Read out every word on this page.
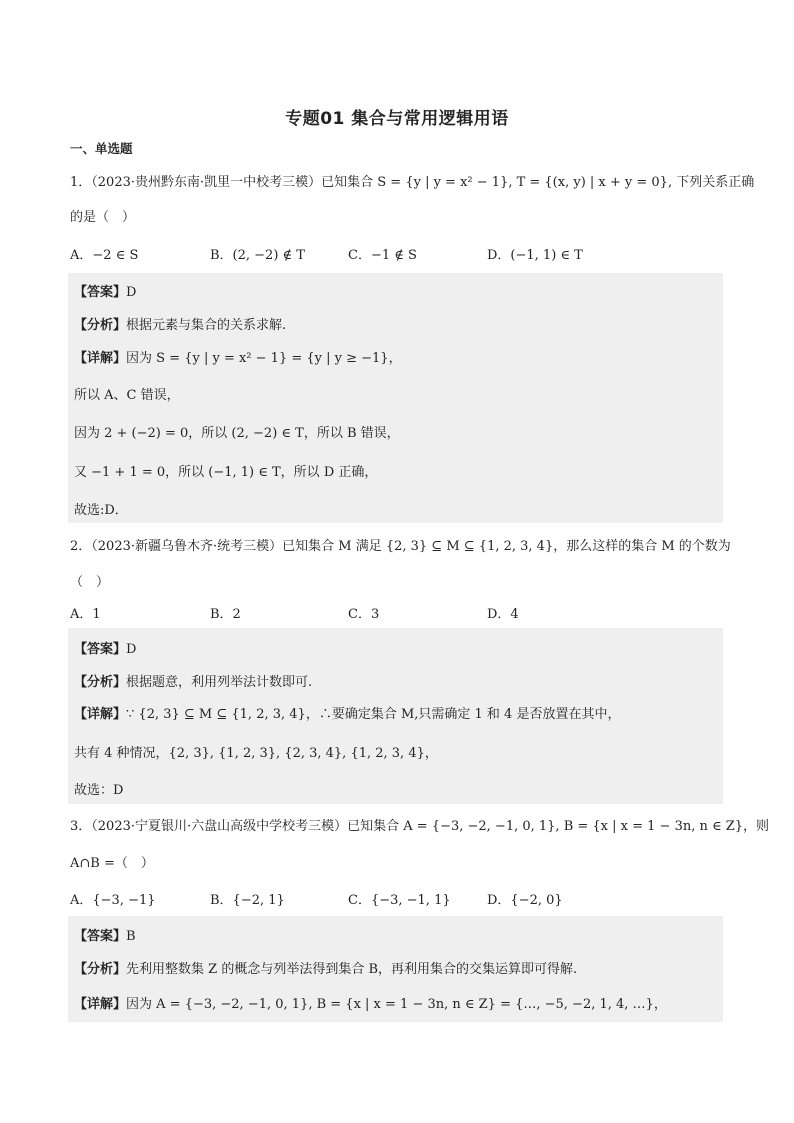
专题01 集合与常用逻辑用语
一、单选题
1．（2023·贵州黔东南·凯里一中校考三模）已知集合 S = {y | y = x² − 1}, T = {(x, y) | x + y = 0}, 下列关系正确
的是（　）
A．−2 ∈ S	B．(2, −2) ∉ T	C．−1 ∉ S	D．(−1, 1) ∈ T
【答案】D
【分析】根据元素与集合的关系求解.
【详解】因为 S = {y | y = x² − 1} = {y | y ≥ −1}，
所以 A、C 错误，
因为 2 + (−2) = 0，所以 (2, −2) ∈ T，所以 B 错误，
又 −1 + 1 = 0，所以 (−1, 1) ∈ T，所以 D 正确，
故选:D．
2．（2023·新疆乌鲁木齐·统考三模）已知集合 M 满足 {2, 3} ⊆ M ⊆ {1, 2, 3, 4}，那么这样的集合 M 的个数为
（　）
A．1	B．2	C．3	D．4
【答案】D
【分析】根据题意，利用列举法计数即可.
【详解】∵ {2, 3} ⊆ M ⊆ {1, 2, 3, 4}，∴要确定集合 M,只需确定 1 和 4 是否放置在其中，
共有 4 种情况，{2, 3}, {1, 2, 3}, {2, 3, 4}, {1, 2, 3, 4}，
故选：D
3．（2023·宁夏银川·六盘山高级中学校考三模）已知集合 A = {−3, −2, −1, 0, 1}, B = {x | x = 1 − 3n, n ∈ Z}，则
A∩B =（　）
A．{−3, −1}	B．{−2, 1}	C．{−3, −1, 1}	D．{−2, 0}
【答案】B
【分析】先利用整数集 Z 的概念与列举法得到集合 B，再利用集合的交集运算即可得解.
【详解】因为 A = {−3, −2, −1, 0, 1}, B = {x | x = 1 − 3n, n ∈ Z} = {…, −5, −2, 1, 4, …}，
